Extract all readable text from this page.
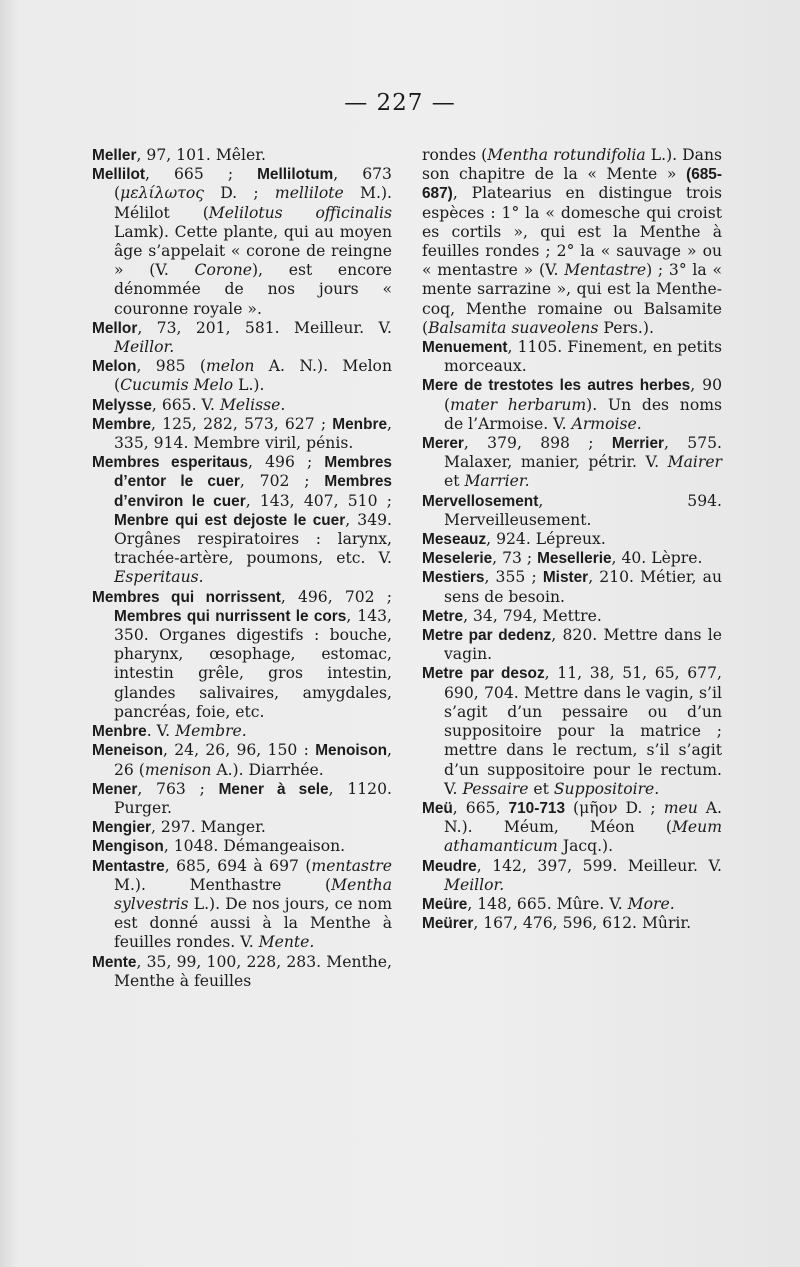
— 227 —

Meller, 97, 101. Mêler.

Mellilot, 665 ; Mellilotum, 673 (μελίλωτος D. ; mellilote M.). Mélilot (Melilotus officinalis Lamk). Cette plante, qui au moyen âge s’appelait « corone de reingne » (V. Corone), est encore dénommée de nos jours « couronne royale ».

Mellor, 73, 201, 581. Meilleur. V. Meillor.

Melon, 985 (melon A. N.). Melon (Cucumis Melo L.).

Melysse, 665. V. Melisse.

Membre, 125, 282, 573, 627 ; Menbre, 335, 914. Membre viril, pénis.

Membres esperitaus, 496 ; Membres d’entor le cuer, 702 ; Membres d’environ le cuer, 143, 407, 510 ; Menbre qui est dejoste le cuer, 349. Orgânes respiratoires : larynx, trachée-artère, poumons, etc. V. Esperitaus.

Membres qui norrissent, 496, 702 ; Membres qui nurrissent le cors, 143, 350. Organes digestifs : bouche, pharynx, œsophage, estomac, intestin grêle, gros intestin, glandes salivaires, amygdales, pancréas, foie, etc.

Menbre. V. Membre.

Meneison, 24, 26, 96, 150 : Menoison, 26 (menison A.). Diarrhée.

Mener, 763 ; Mener à sele, 1120. Purger.

Mengier, 297. Manger.

Mengison, 1048. Démangeaison.

Mentastre, 685, 694 à 697 (mentastre M.). Menthastre (Mentha sylvestris L.). De nos jours, ce nom est donné aussi à la Menthe à feuilles rondes. V. Mente.

Mente, 35, 99, 100, 228, 283. Menthe, Menthe à feuilles

rondes (Mentha rotundifolia L.). Dans son chapitre de la « Mente » (685-687), Platearius en distingue trois espèces : 1° la « domesche qui croist es cortils », qui est la Menthe à feuilles rondes ; 2° la « sauvage » ou « mentastre » (V. Mentastre) ; 3° la « mente sarrazine », qui est la Menthe-coq, Menthe romaine ou Balsamite (Balsamita suaveolens Pers.).

Menuement, 1105. Finement, en petits morceaux.

Mere de trestotes les autres herbes, 90 (mater herbarum). Un des noms de l’Armoise. V. Armoise.

Merer, 379, 898 ; Merrier, 575. Malaxer, manier, pétrir. V. Mairer et Marrier.

Mervellosement, 594. Merveilleusement.

Meseauz, 924. Lépreux.

Meselerie, 73 ; Mesellerie, 40. Lèpre.

Mestiers, 355 ; Mister, 210. Métier, au sens de besoin.

Metre, 34, 794, Mettre.

Metre par dedenz, 820. Mettre dans le vagin.

Metre par desoz, 11, 38, 51, 65, 677, 690, 704. Mettre dans le vagin, s’il s’agit d’un pessaire ou d’un suppositoire pour la matrice ; mettre dans le rectum, s’il s’agit d’un suppositoire pour le rectum. V. Pessaire et Suppositoire.

Meü, 665, 710-713 (μῆον D. ; meu A. N.). Méum, Méon (Meum athamanticum Jacq.).

Meudre, 142, 397, 599. Meilleur. V. Meillor.

Meüre, 148, 665. Mûre. V. More.

Meürer, 167, 476, 596, 612. Mûrir.
